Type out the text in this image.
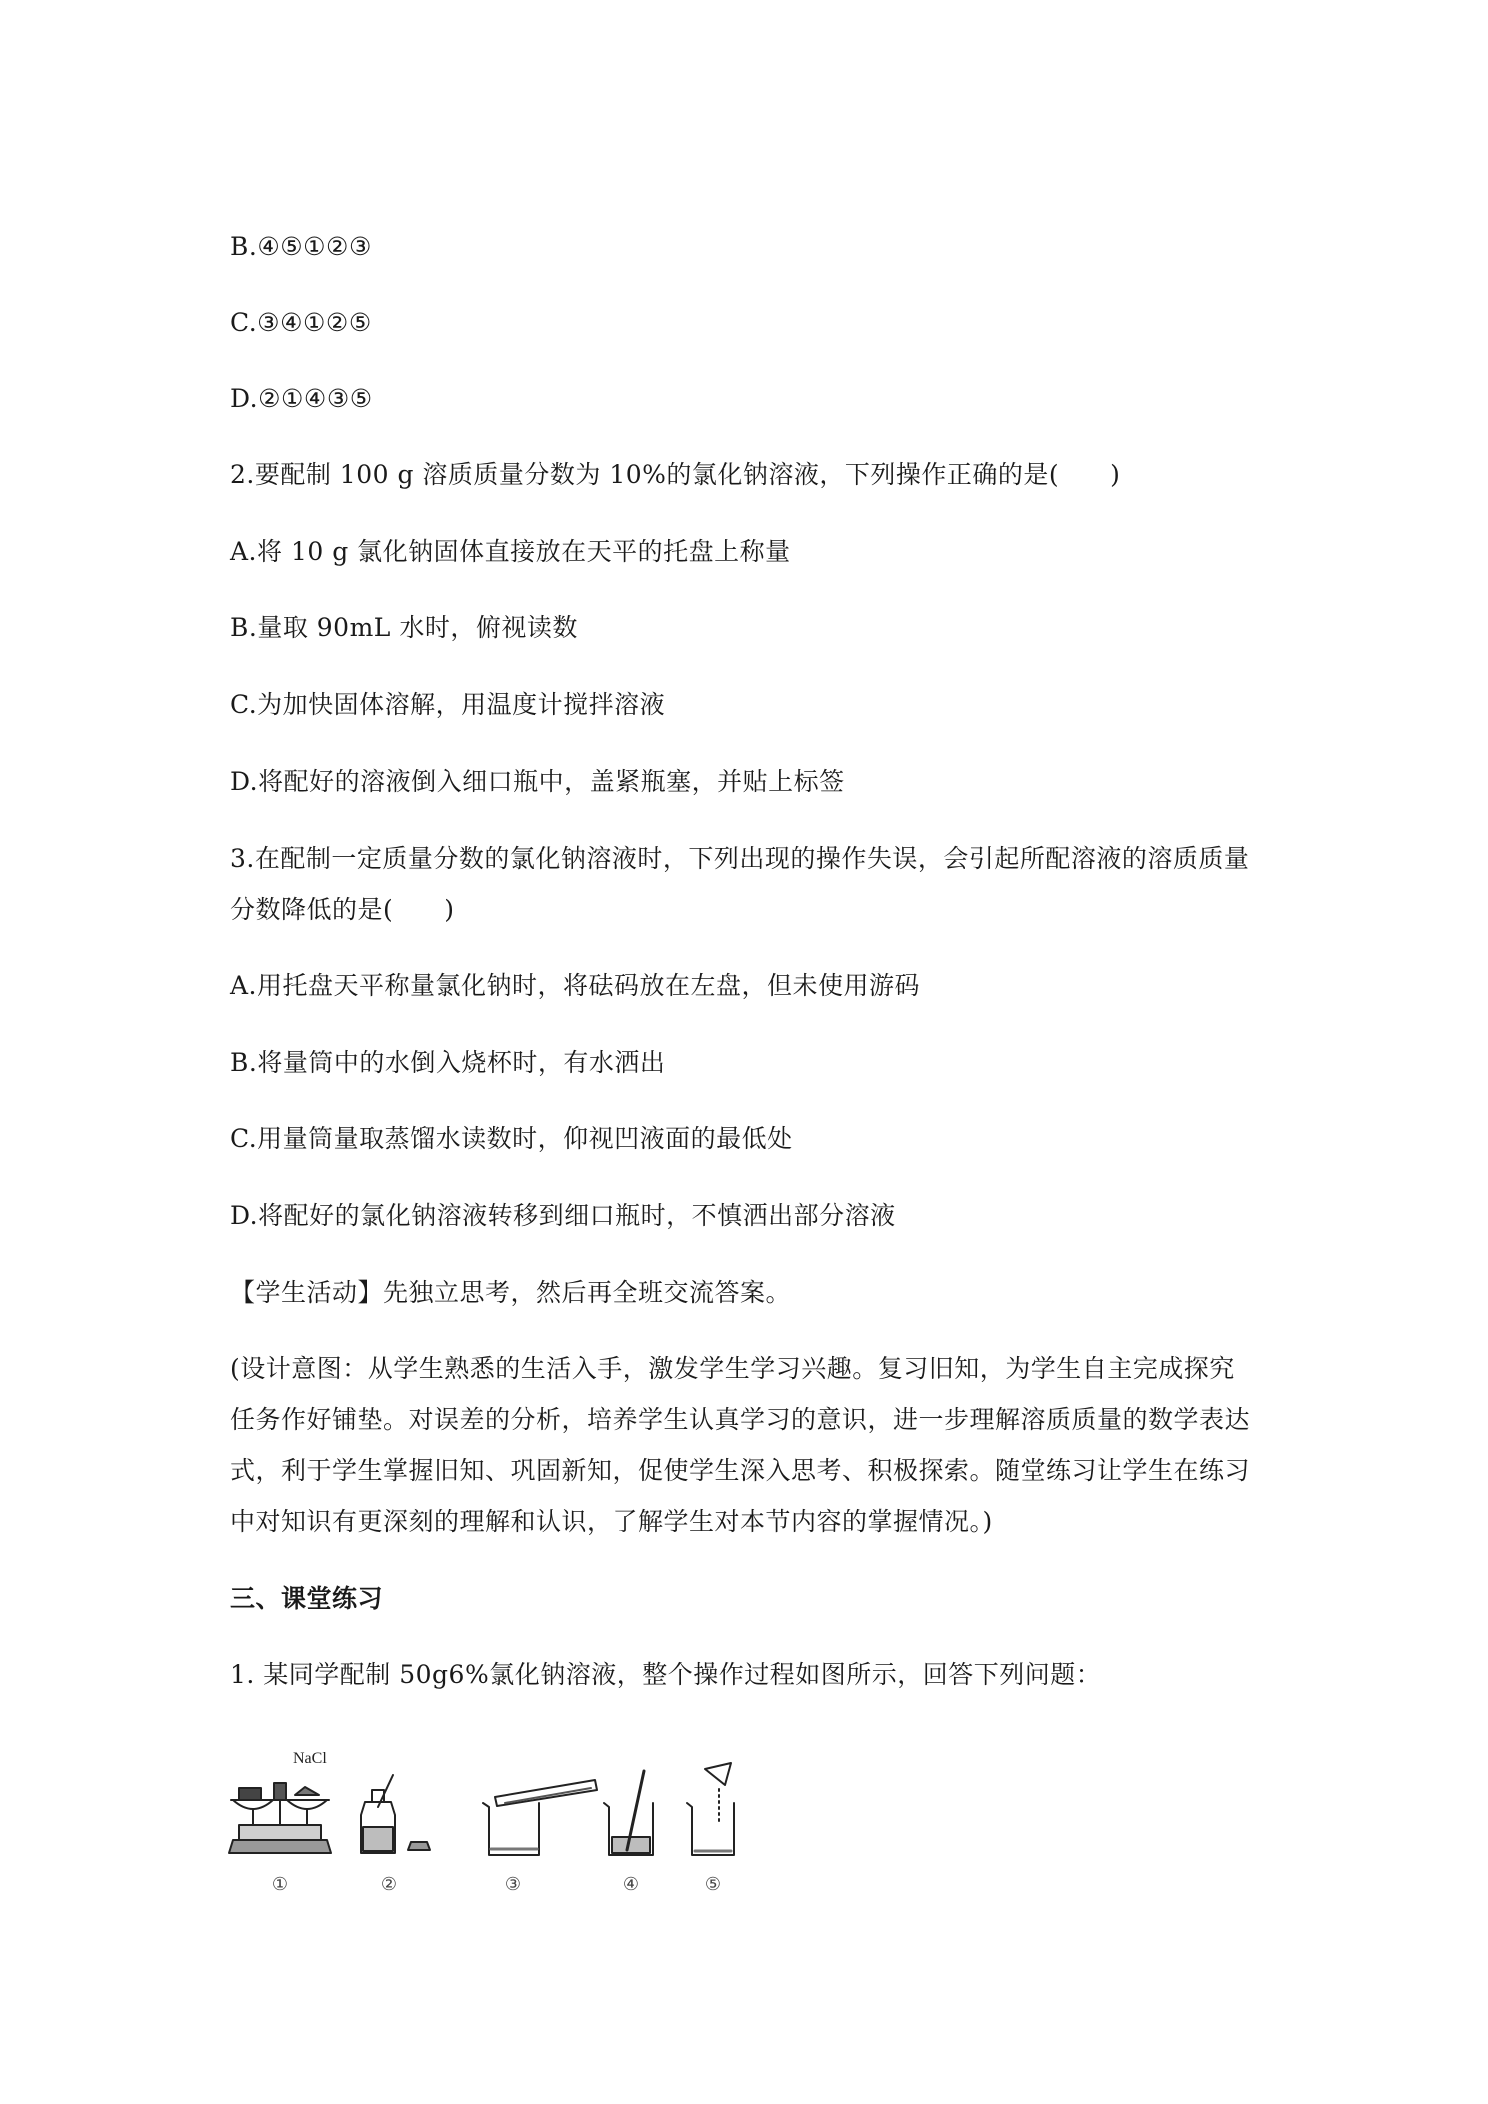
B.④⑤①②③
C.③④①②⑤
D.②①④③⑤
2.要配制 100 g 溶质质量分数为 10%的氯化钠溶液，下列操作正确的是(　　)
A.将 10 g 氯化钠固体直接放在天平的托盘上称量
B.量取 90mL 水时，俯视读数
C.为加快固体溶解，用温度计搅拌溶液
D.将配好的溶液倒入细口瓶中，盖紧瓶塞，并贴上标签
3.在配制一定质量分数的氯化钠溶液时，下列出现的操作失误，会引起所配溶液的溶质质量
分数降低的是(　　)
A.用托盘天平称量氯化钠时，将砝码放在左盘，但未使用游码
B.将量筒中的水倒入烧杯时，有水洒出
C.用量筒量取蒸馏水读数时，仰视凹液面的最低处
D.将配好的氯化钠溶液转移到细口瓶时，不慎洒出部分溶液
【学生活动】先独立思考，然后再全班交流答案。
(设计意图：从学生熟悉的生活入手，激发学生学习兴趣。复习旧知，为学生自主完成探究
任务作好铺垫。对误差的分析，培养学生认真学习的意识，进一步理解溶质质量的数学表达
式，利于学生掌握旧知、巩固新知，促使学生深入思考、积极探索。随堂练习让学生在练习
中对知识有更深刻的理解和认识，了解学生对本节内容的掌握情况。)
三、课堂练习
1. 某同学配制 50g6%氯化钠溶液，整个操作过程如图所示，回答下列问题：
NaCl
①	②	③	④	⑤
